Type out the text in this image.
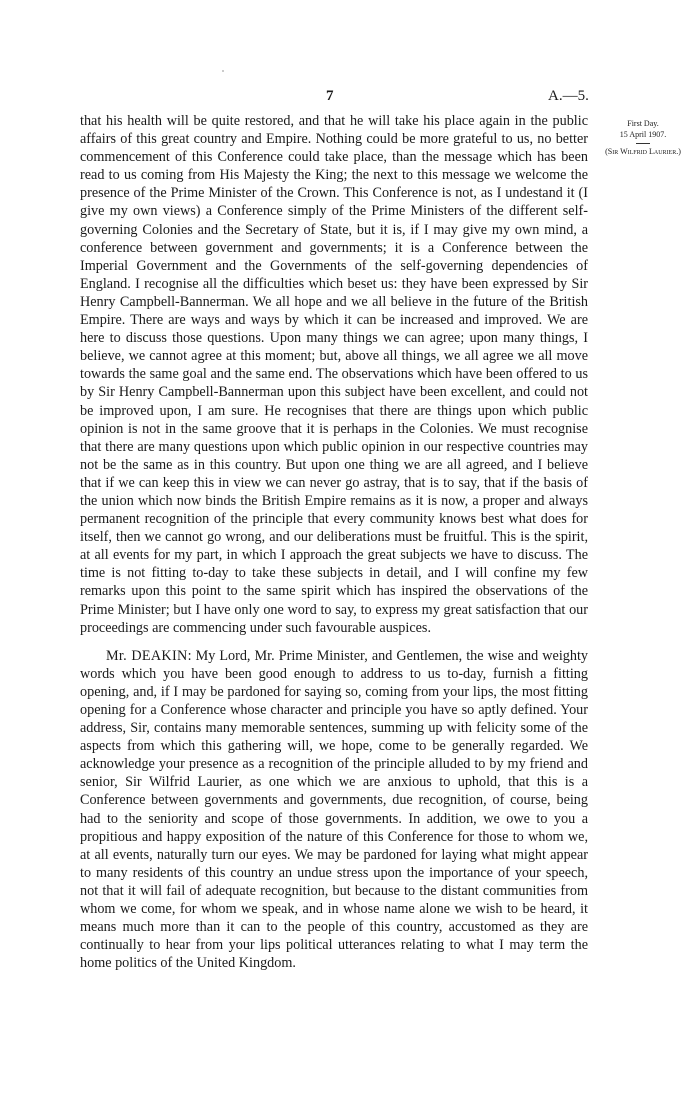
7	A.—5.
First Day.
15 April 1907.
(Sir Wilfrid Laurier.)

that his health will be quite restored, and that he will take his place again in the public affairs of this great country and Empire. Nothing could be more grateful to us, no better commencement of this Conference could take place, than the message which has been read to us coming from His Majesty the King; the next to this message we welcome the presence of the Prime Minister of the Crown. This Conference is not, as I undestand it (I give my own views) a Conference simply of the Prime Ministers of the different self-governing Colonies and the Secretary of State, but it is, if I may give my own mind, a conference between government and governments; it is a Conference between the Imperial Government and the Governments of the self-governing dependencies of England. I recognise all the difficulties which beset us: they have been expressed by Sir Henry Campbell-Bannerman. We all hope and we all believe in the future of the British Empire. There are ways and ways by which it can be increased and improved. We are here to discuss those questions. Upon many things we can agree; upon many things, I believe, we cannot agree at this moment; but, above all things, we all agree we all move towards the same goal and the same end. The observations which have been offered to us by Sir Henry Campbell-Bannerman upon this subject have been excellent, and could not be improved upon, I am sure. He recognises that there are things upon which public opinion is not in the same groove that it is perhaps in the Colonies. We must recognise that there are many questions upon which public opinion in our respective countries may not be the same as in this country. But upon one thing we are all agreed, and I believe that if we can keep this in view we can never go astray, that is to say, that if the basis of the union which now binds the British Empire remains as it is now, a proper and always permanent recognition of the principle that every community knows best what does for itself, then we cannot go wrong, and our deliberations must be fruitful. This is the spirit, at all events for my part, in which I approach the great subjects we have to discuss. The time is not fitting to-day to take these subjects in detail, and I will confine my few remarks upon this point to the same spirit which has inspired the observations of the Prime Minister; but I have only one word to say, to express my great satisfaction that our proceedings are commencing under such favourable auspices.

Mr. DEAKIN: My Lord, Mr. Prime Minister, and Gentlemen, the wise and weighty words which you have been good enough to address to us to-day, furnish a fitting opening, and, if I may be pardoned for saying so, coming from your lips, the most fitting opening for a Conference whose character and principle you have so aptly defined. Your address, Sir, contains many memorable sentences, summing up with felicity some of the aspects from which this gathering will, we hope, come to be generally regarded. We acknowledge your presence as a recognition of the principle alluded to by my friend and senior, Sir Wilfrid Laurier, as one which we are anxious to uphold, that this is a Conference between governments and governments, due recognition, of course, being had to the seniority and scope of those governments. In addition, we owe to you a propitious and happy exposition of the nature of this Conference for those to whom we, at all events, naturally turn our eyes. We may be pardoned for laying what might appear to many residents of this country an undue stress upon the importance of your speech, not that it will fail of adequate recognition, but because to the distant communities from whom we come, for whom we speak, and in whose name alone we wish to be heard, it means much more than it can to the people of this country, accustomed as they are continually to hear from your lips political utterances relating to what I may term the home politics of the United Kingdom.
